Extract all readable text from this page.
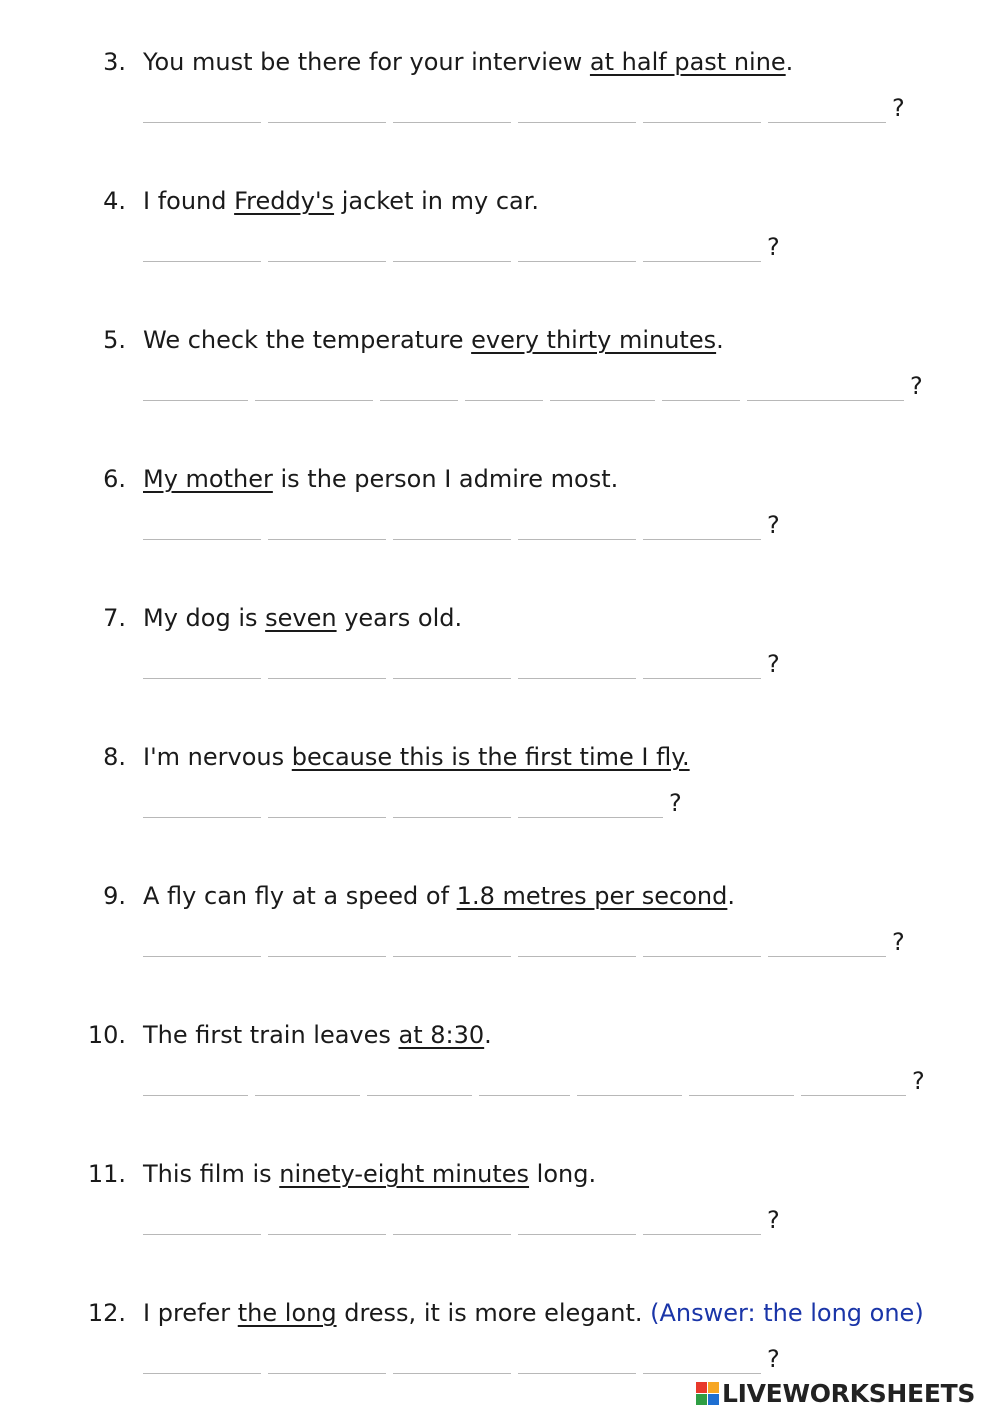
3. You must be there for your interview at half past nine.
?
4. I found Freddy's jacket in my car.
?
5. We check the temperature every thirty minutes.
?
6. My mother is the person I admire most.
?
7. My dog is seven years old.
?
8. I'm nervous because this is the first time I fly.
?
9. A fly can fly at a speed of 1.8 metres per second.
?
10. The first train leaves at 8:30.
?
11. This film is ninety-eight minutes long.
?
12. I prefer the long dress, it is more elegant. (Answer: the long one)
?
LIVEWORKSHEETS
